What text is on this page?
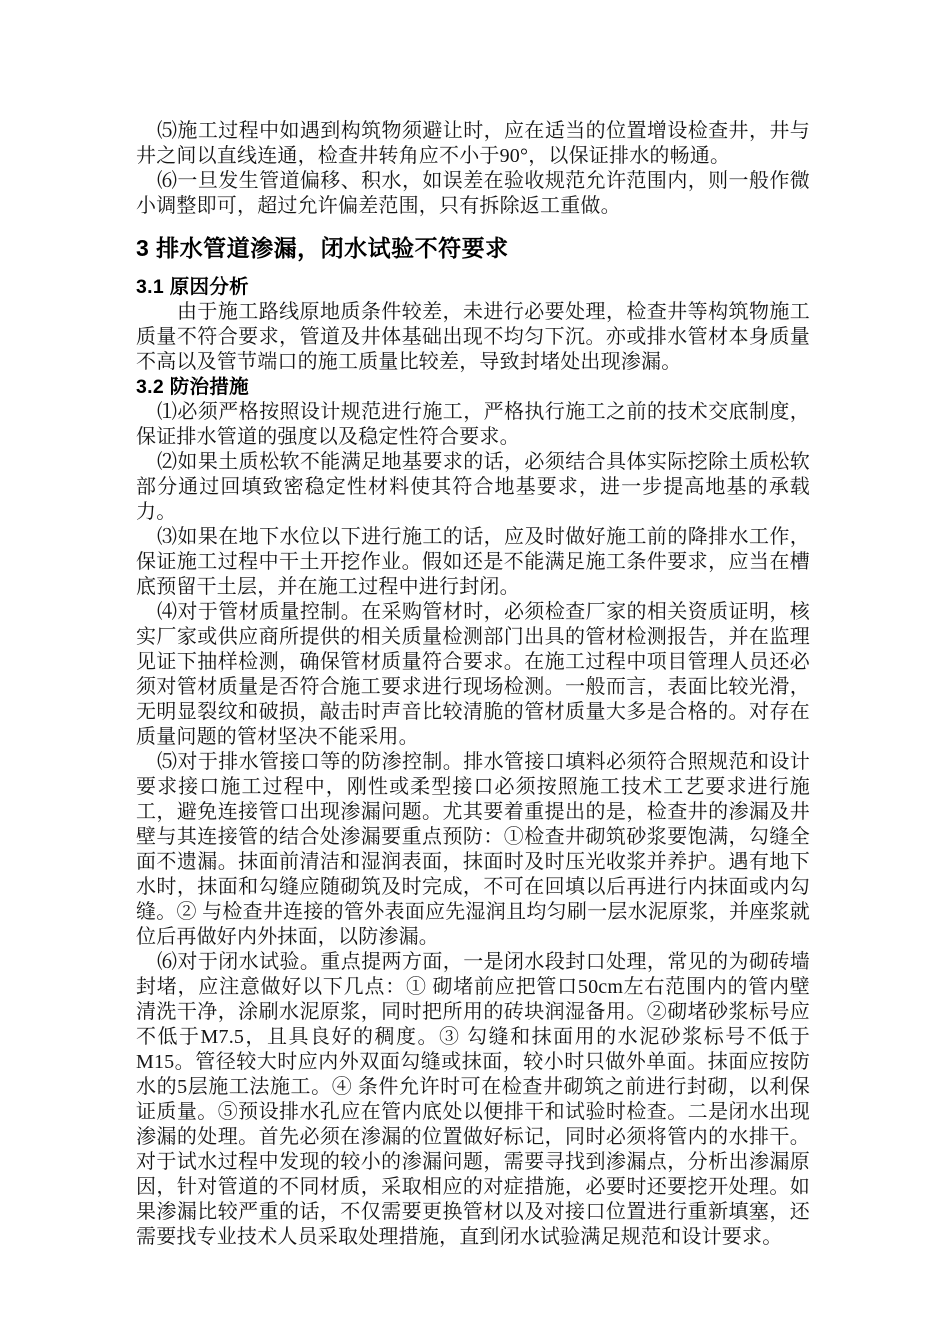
⑸施工过程中如遇到构筑物须避让时，应在适当的位置增设检查井，井与井之间以直线连通，检查井转角应不小于90°，以保证排水的畅通。

⑹一旦发生管道偏移、积水，如误差在验收规范允许范围内，则一般作微小调整即可，超过允许偏差范围，只有拆除返工重做。

3 排水管道渗漏，闭水试验不符要求
3.1 原因分析

由于施工路线原地质条件较差，未进行必要处理，检查井等构筑物施工质量不符合要求，管道及井体基础出现不均匀下沉。亦或排水管材本身质量不高以及管节端口的施工质量比较差，导致封堵处出现渗漏。

3.2 防治措施

⑴必须严格按照设计规范进行施工，严格执行施工之前的技术交底制度，保证排水管道的强度以及稳定性符合要求。

⑵如果土质松软不能满足地基要求的话，必须结合具体实际挖除土质松软部分通过回填致密稳定性材料使其符合地基要求，进一步提高地基的承载力。

⑶如果在地下水位以下进行施工的话，应及时做好施工前的降排水工作，保证施工过程中干土开挖作业。假如还是不能满足施工条件要求，应当在槽底预留干土层，并在施工过程中进行封闭。

⑷对于管材质量控制。在采购管材时，必须检查厂家的相关资质证明，核实厂家或供应商所提供的相关质量检测部门出具的管材检测报告，并在监理见证下抽样检测，确保管材质量符合要求。在施工过程中项目管理人员还必须对管材质量是否符合施工要求进行现场检测。一般而言，表面比较光滑，无明显裂纹和破损，敲击时声音比较清脆的管材质量大多是合格的。对存在质量问题的管材坚决不能采用。

⑸对于排水管接口等的防渗控制。排水管接口填料必须符合照规范和设计要求接口施工过程中，刚性或柔型接口必须按照施工技术工艺要求进行施工，避免连接管口出现渗漏问题。尤其要着重提出的是，检查井的渗漏及井壁与其连接管的结合处渗漏要重点预防：①检查井砌筑砂浆要饱满，勾缝全面不遗漏。抹面前清洁和湿润表面，抹面时及时压光收浆并养护。遇有地下水时，抹面和勾缝应随砌筑及时完成，不可在回填以后再进行内抹面或内勾缝。② 与检查井连接的管外表面应先湿润且均匀刷一层水泥原浆，并座浆就位后再做好内外抹面，以防渗漏。

⑹对于闭水试验。重点提两方面，一是闭水段封口处理，常见的为砌砖墙封堵，应注意做好以下几点：① 砌堵前应把管口50cm左右范围内的管内壁清洗干净，涂刷水泥原浆，同时把所用的砖块润湿备用。②砌堵砂浆标号应不低于M7.5，且具良好的稠度。③ 勾缝和抹面用的水泥砂浆标号不低于M15。管径较大时应内外双面勾缝或抹面，较小时只做外单面。抹面应按防水的5层施工法施工。④ 条件允许时可在检查井砌筑之前进行封砌，以利保证质量。⑤预设排水孔应在管内底处以便排干和试验时检查。二是闭水出现渗漏的处理。首先必须在渗漏的位置做好标记，同时必须将管内的水排干。对于试水过程中发现的较小的渗漏问题，需要寻找到渗漏点，分析出渗漏原因，针对管道的不同材质，采取相应的对症措施，必要时还要挖开处理。如果渗漏比较严重的话，不仅需要更换管材以及对接口位置进行重新填塞，还需要找专业技术人员采取处理措施，直到闭水试验满足规范和设计要求。
